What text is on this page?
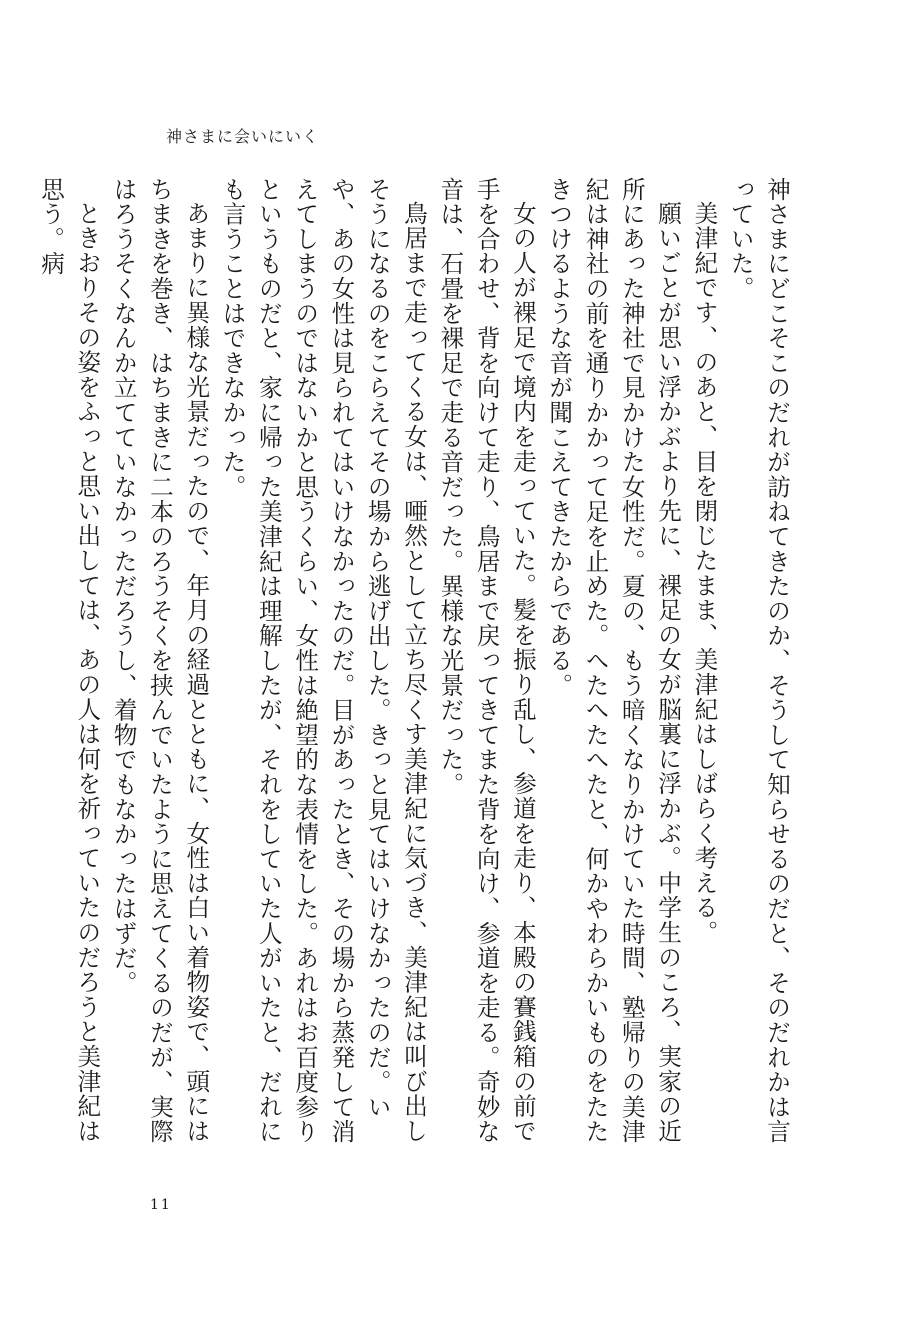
神さまに会いにいく

神さまにどこそこのだれが訪ねてきたのか、そうして知らせるのだと、そのだれかは言っていた。

美津紀です、のあと、目を閉じたまま、美津紀はしばらく考える。

願いごとが思い浮かぶより先に、裸足の女が脳裏に浮かぶ。中学生のころ、実家の近所にあった神社で見かけた女性だ。夏の、もう暗くなりかけていた時間、塾帰りの美津紀は神社の前を通りかかって足を止めた。へたへたへたと、何かやわらかいものをたたきつけるような音が聞こえてきたからである。

女の人が裸足で境内を走っていた。髪を振り乱し、参道を走り、本殿の賽銭箱の前で手を合わせ、背を向けて走り、鳥居まで戻ってきてまた背を向け、参道を走る。奇妙な音は、石畳を裸足で走る音だった。異様な光景だった。

鳥居まで走ってくる女は、唖然として立ち尽くす美津紀に気づき、美津紀は叫び出しそうになるのをこらえてその場から逃げ出した。きっと見てはいけなかったのだ。いや、あの女性は見られてはいけなかったのだ。目があったとき、その場から蒸発して消えてしまうのではないかと思うくらい、女性は絶望的な表情をした。あれはお百度参りというものだと、家に帰った美津紀は理解したが、それをしていた人がいたと、だれにも言うことはできなかった。

あまりに異様な光景だったので、年月の経過とともに、女性は白い着物姿で、頭にはちまきを巻き、はちまきに二本のろうそくを挟んでいたように思えてくるのだが、実際はろうそくなんか立てていなかっただろうし、着物でもなかったはずだ。

ときおりその姿をふっと思い出しては、あの人は何を祈っていたのだろうと美津紀は思う。病

11
